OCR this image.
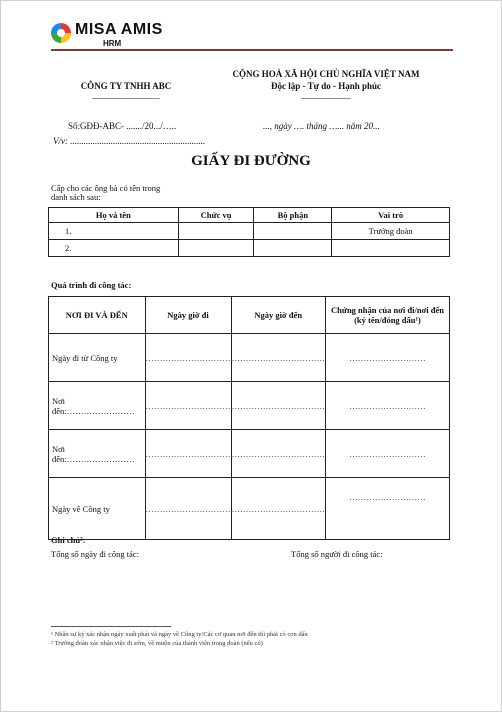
MISA AMIS
HRM
CÔNG TY TNHH ABC
_______________
CỘNG HOÀ XÃ HỘI CHỦ NGHĨA VIỆT NAM
Độc lập - Tự do - Hạnh phúc
___________
Số:GĐĐ-ABC- ......./20.../…..	..., ngày …. tháng …... năm 20...
V/v: ............................................................
GIẤY ĐI ĐƯỜNG
Cấp cho các ông bà có tên trong
danh sách sau:
Họ và tên	Chức vụ	Bộ phận	Vai trò
1.			Trưởng đoàn
2.			
Quá trình đi công tác:
NƠI ĐI VÀ ĐẾN	Ngày giờ đi	Ngày giờ đến	Chứng nhận của nơi đi/nơi đến
(ký tên/đóng dấu¹)

Ngày đi từ Công ty	…………………………	……………………………	………………………
Nơi đến:……………………	…………………………	……………………………	………………………
Nơi đến:……………………	…………………………	……………………………	………………………
Ngày về Công ty	…………………………	……………………………	………………………
Ghi chú²:
Tổng số ngày đi công tác:	Tổng số người đi công tác:
¹ Nhân sự ký xác nhận ngày xuất phát và ngày về Công ty/Các cơ quan nơi đến thì phải có con dấu
² Trưởng đoàn xác nhận việc đi sớm, về muộn của thành viên trong đoàn (nếu có)
